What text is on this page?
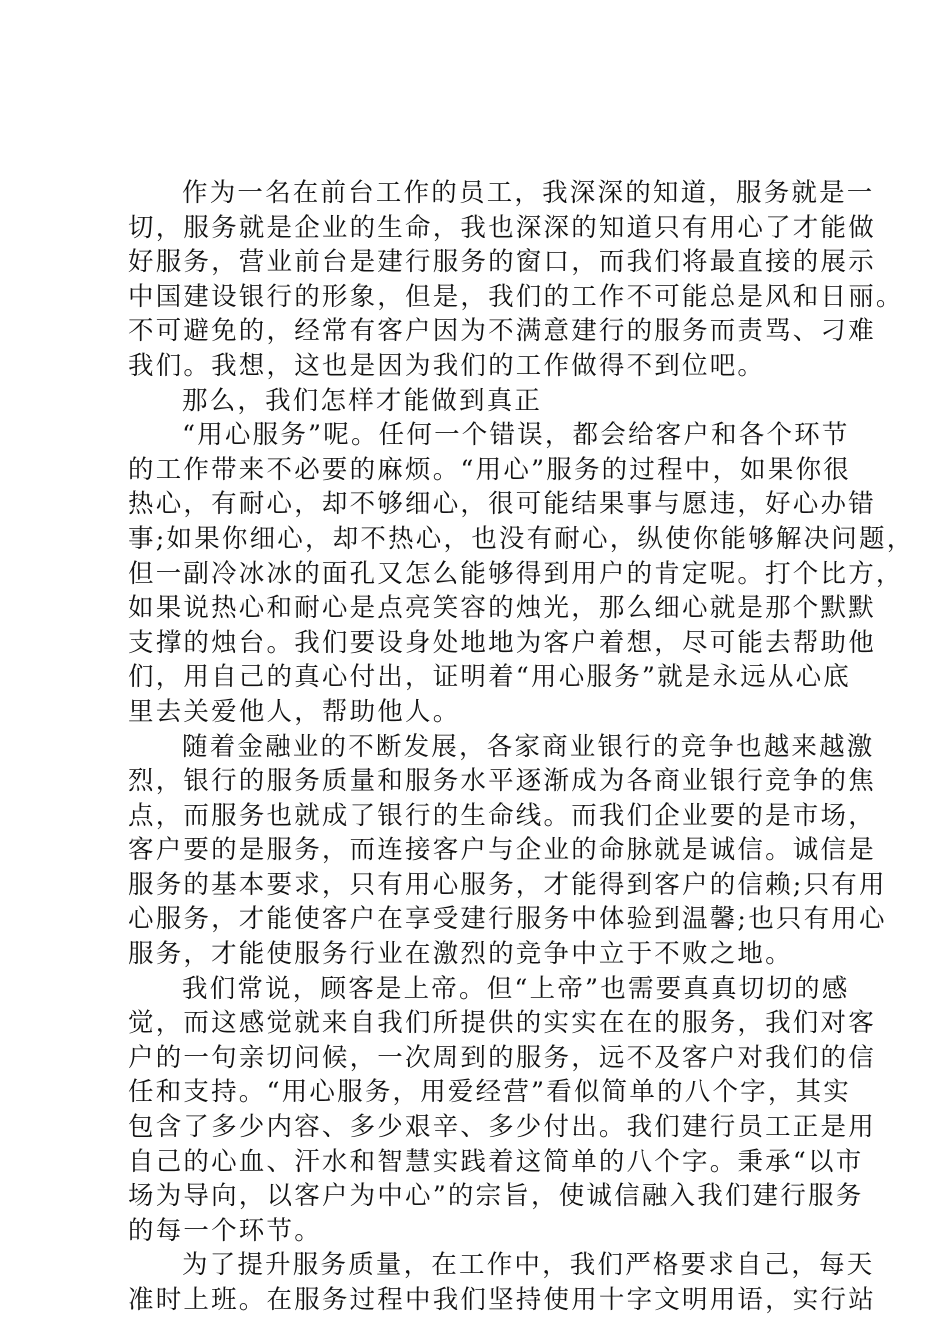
作为一名在前台工作的员工，我深深的知道，服务就是一
切，服务就是企业的生命，我也深深的知道只有用心了才能做
好服务，营业前台是建行服务的窗口，而我们将最直接的展示
中国建设银行的形象，但是，我们的工作不可能总是风和日丽。
不可避免的，经常有客户因为不满意建行的服务而责骂、刁难
我们。我想，这也是因为我们的工作做得不到位吧。
那么，我们怎样才能做到真正
“用心服务”呢。任何一个错误，都会给客户和各个环节
的工作带来不必要的麻烦。“用心”服务的过程中，如果你很
热心，有耐心，却不够细心，很可能结果事与愿违，好心办错
事;如果你细心，却不热心，也没有耐心，纵使你能够解决问题，
但一副冷冰冰的面孔又怎么能够得到用户的肯定呢。打个比方，
如果说热心和耐心是点亮笑容的烛光，那么细心就是那个默默
支撑的烛台。我们要设身处地地为客户着想，尽可能去帮助他
们，用自己的真心付出，证明着“用心服务”就是永远从心底
里去关爱他人，帮助他人。
随着金融业的不断发展，各家商业银行的竞争也越来越激
烈，银行的服务质量和服务水平逐渐成为各商业银行竞争的焦
点，而服务也就成了银行的生命线。而我们企业要的是市场，
客户要的是服务，而连接客户与企业的命脉就是诚信。诚信是
服务的基本要求，只有用心服务，才能得到客户的信赖;只有用
心服务，才能使客户在享受建行服务中体验到温馨;也只有用心
服务，才能使服务行业在激烈的竞争中立于不败之地。
我们常说，顾客是上帝。但“上帝”也需要真真切切的感
觉，而这感觉就来自我们所提供的实实在在的服务，我们对客
户的一句亲切问候，一次周到的服务，远不及客户对我们的信
任和支持。“用心服务，用爱经营”看似简单的八个字，其实
包含了多少内容、多少艰辛、多少付出。我们建行员工正是用
自己的心血、汗水和智慧实践着这简单的八个字。秉承“以市
场为导向，以客户为中心”的宗旨，使诚信融入我们建行服务
的每一个环节。
为了提升服务质量，在工作中，我们严格要求自己，每天
准时上班。在服务过程中我们坚持使用十字文明用语，实行站
